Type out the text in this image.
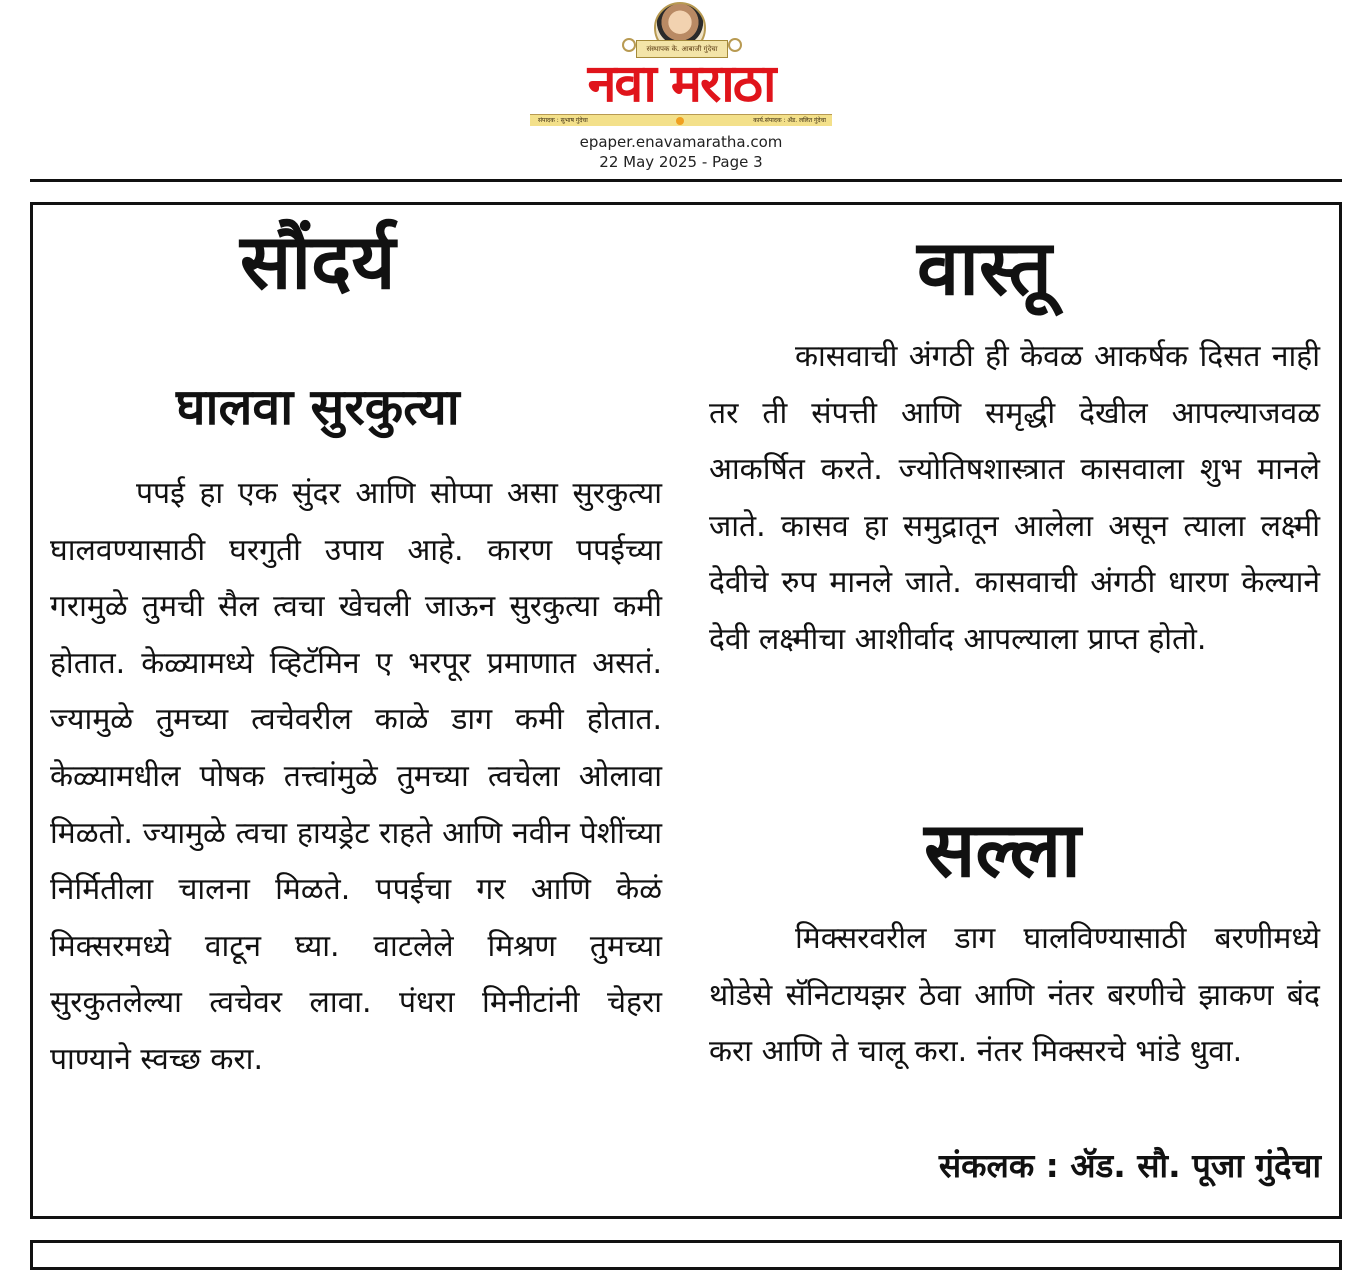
संस्थापक के. आबाजी गुंदेचा
नवा मराठा
संपादक : सुभाष गुंदेचा	कार्य.संपादक : ॲड. ललित गुंदेचा
epaper.enavamaratha.com
22 May 2025 - Page 3
सौंदर्य
घालवा सुरकुत्या

पपई हा एक सुंदर आणि सोप्पा असा सुरकुत्या घालवण्यासाठी घरगुती उपाय आहे. कारण पपईच्या गरामुळे तुमची सैल त्वचा खेचली जाऊन सुरकुत्या कमी होतात. केळ्यामध्ये व्हिटॅमिन ए भरपूर प्रमाणात असतं. ज्यामुळे तुमच्या त्वचेवरील काळे डाग कमी होतात. केळ्यामधील पोषक तत्त्वांमुळे तुमच्या त्वचेला ओलावा मिळतो. ज्यामुळे त्वचा हायड्रेट राहते आणि नवीन पेशींच्या निर्मितीला चालना मिळते. पपईचा गर आणि केळं मिक्सरमध्ये वाटून घ्या. वाटलेले मिश्रण तुमच्या सुरकुतलेल्या त्वचेवर लावा. पंधरा मिनीटांनी चेहरा पाण्याने स्वच्छ करा.

वास्तू

कासवाची अंगठी ही केवळ आकर्षक दिसत नाही तर ती संपत्ती आणि समृद्धी देखील आपल्याजवळ आकर्षित करते. ज्योतिषशास्त्रात कासवाला शुभ मानले जाते. कासव हा समुद्रातून आलेला असून त्याला लक्ष्मी देवीचे रुप मानले जाते. कासवाची अंगठी धारण केल्याने देवी लक्ष्मीचा आशीर्वाद आपल्याला प्राप्त होतो.

सल्ला

मिक्सरवरील डाग घालविण्यासाठी बरणीमध्ये थोडेसे सॅनिटायझर ठेवा आणि नंतर बरणीचे झाकण बंद करा आणि ते चालू करा. नंतर मिक्सरचे भांडे धुवा.

संकलक : ॲड. सौ. पूजा गुंदेचा
